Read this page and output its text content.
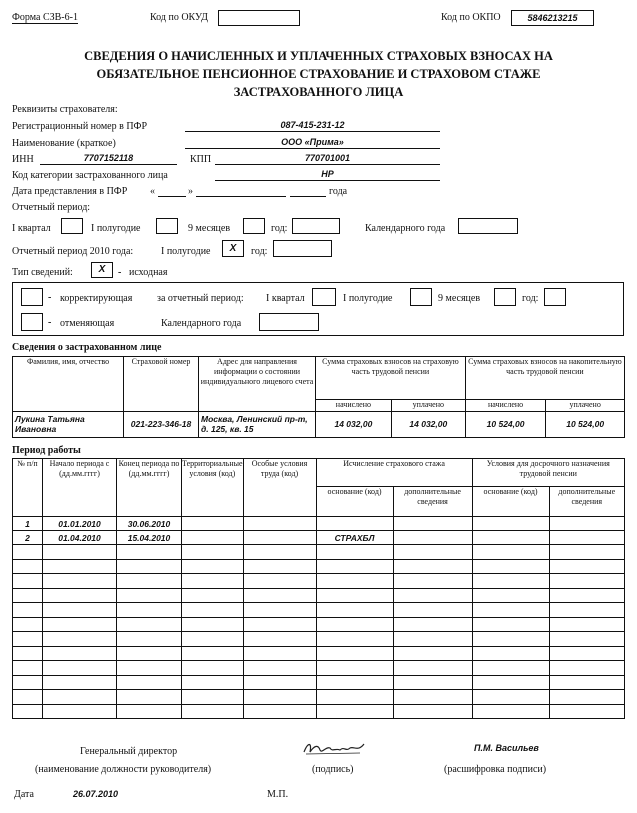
Форма СЗВ-6-1	Код по ОКУД	Код по ОКПО	5846213215
СВЕДЕНИЯ О НАЧИСЛЕННЫХ И УПЛАЧЕННЫХ СТРАХОВЫХ ВЗНОСАХ НА
ОБЯЗАТЕЛЬНОЕ ПЕНСИОННОЕ СТРАХОВАНИЕ И СТРАХОВОМ СТАЖЕ
ЗАСТРАХОВАННОГО ЛИЦА
Реквизиты страхователя:
Регистрационный номер в ПФР	087-415-231-12
Наименование (краткое)	ООО «Прима»
ИНН	7707152118	КПП	770701001
Код категории застрахованного лица	НР
Дата представления в ПФР «	»	года
Отчетный период:
I квартал	I полугодие	9 месяцев	год:	Календарного года
Отчетный период 2010 года:	I полугодие	X	год:
Тип сведений:	X	- исходная
- корректирующая за отчетный период: I квартал	I полугодие	9 месяцев	год:
- отменяющая	Календарного года
Сведения о застрахованном лице
Фамилия, имя, отчество	Страховой номер	Адрес для направления информации о состоянии индивидуального лицевого счета	Сумма страховых взносов на страховую часть трудовой пенсии		Сумма страховых взносов на накопительную часть трудовой пенсии	
			начислено	уплачено	начислено	уплачено
Лукина Татьяна Ивановна	021-223-346-18	Москва, Ленинский пр-т, д. 125, кв. 15	14 032,00	14 032,00	10 524,00	10 524,00
Период работы
№ п/п	Начало периода с (дд.мм.гггг)	Конец периода по (дд.мм.гггг)	Территориальные условия (код)	Особые условия труда (код)	Исчисление страхового стажа		Условия для досрочного назначения трудовой пенсии	
					основание (код)	дополнительные сведения	основание (код)	дополнительные сведения
1	01.01.2010	30.06.2010						
2	01.04.2010	15.04.2010			СТРАХБЛ			

Генеральный директор
(наименование должности руководителя)	(подпись)
П.М. Васильев
(расшифровка подписи)
Дата	26.07.2010	М.П.
